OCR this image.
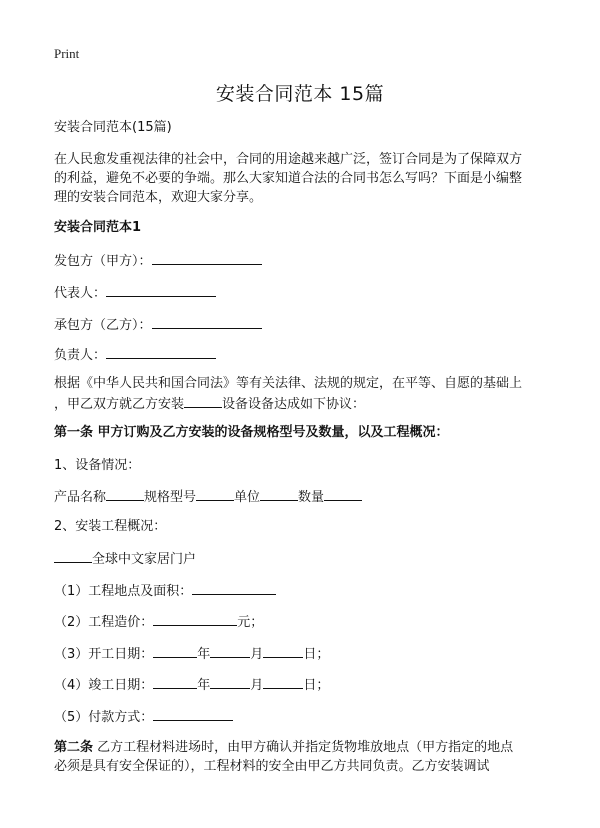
Print
安装合同范本 15篇

安装合同范本(15篇)

在人民愈发重视法律的社会中，合同的用途越来越广泛，签订合同是为了保障双方

的利益，避免不必要的争端。那么大家知道合法的合同书怎么写吗？下面是小编整

理的安装合同范本，欢迎大家分享。

安装合同范本1

发包方（甲方）：

代表人：

承包方（乙方）：

负责人：

根据《中华人民共和国合同法》等有关法律、法规的规定，在平等、自愿的基础上

，甲乙双方就乙方安装	设备设备达成如下协议：

第一条 甲方订购及乙方安装的设备规格型号及数量，以及工程概况：

1、设备情况：

产品名称	规格型号	单位	数量

2、安装工程概况：

全球中文家居门户

（1）工程地点及面积：

（2）工程造价：	元；

（3）开工日期：	年	月	日；

（4）竣工日期：	年	月	日；

（5）付款方式：

第二条 乙方工程材料进场时，由甲方确认并指定货物堆放地点（甲方指定的地点

必须是具有安全保证的），工程材料的安全由甲乙方共同负责。乙方安装调试
